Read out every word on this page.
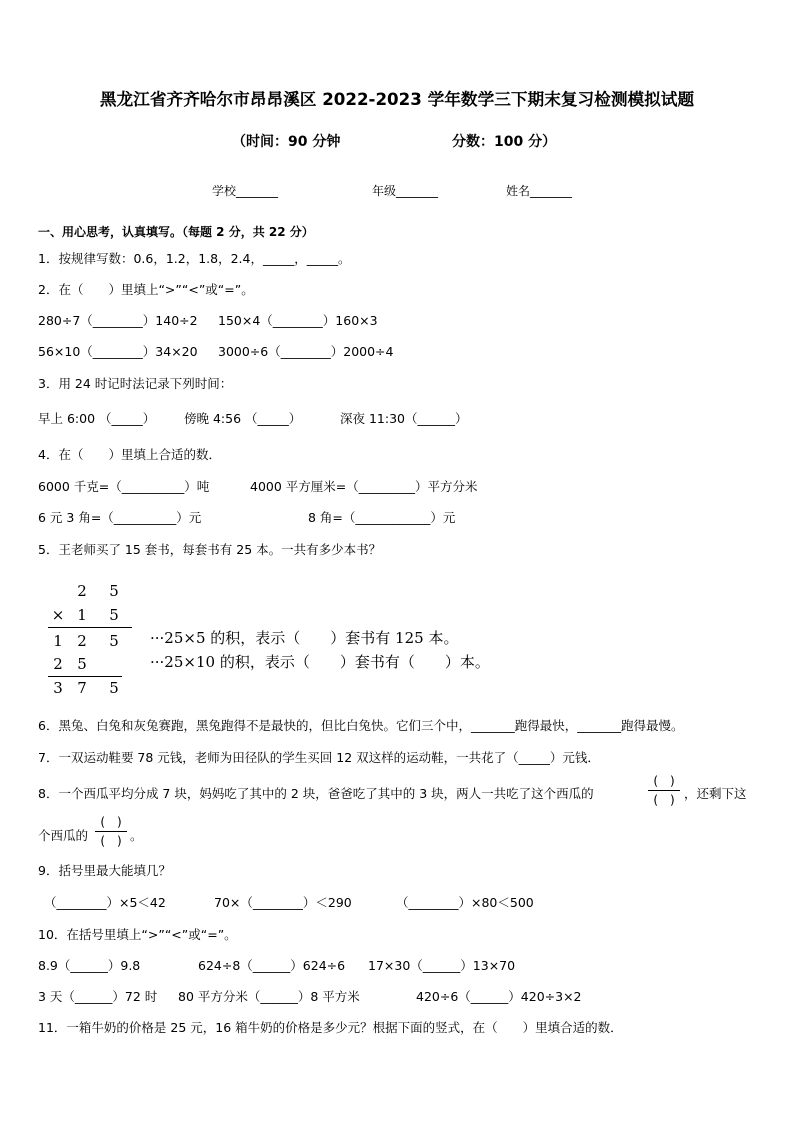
黑龙江省齐齐哈尔市昂昂溪区 2022-2023 学年数学三下期末复习检测模拟试题
（时间：90 分钟	分数：100 分）
学校_______	年级_______	姓名_______
一、用心思考，认真填写。（每题 2 分，共 22 分）
1．按规律写数：0.6，1.2，1.8，2.4，_____，_____。
2．在（　　）里填上“>”“<”或“=”。
280÷7（________）140÷2 150×4（________）160×3
56×10（________）34×20 3000÷6（________）2000÷4
3．用 24 时记时法记录下列时间：
早上 6:00 （_____） 傍晚 4:56 （_____）	深夜 11:30（______）
4．在（　　）里填上合适的数．
6000 千克=（__________）吨	4000 平方厘米=（_________）平方分米
6 元 3 角=（__________）元	8 角=（____________）元
5．王老师买了 15 套书，每套书有 25 本。一共有多少本书？
2 5
× 1 5
1 2 5
2 5
3 7 5
···25×5 的积，表示（　　）套书有 125 本。
···25×10 的积，表示（　　）套书有（　　）本。
6．黑兔、白兔和灰兔赛跑，黑兔跑得不是最快的，但比白兔快。它们三个中，_______跑得最快，_______跑得最慢。
7．一双运动鞋要 78 元钱，老师为田径队的学生买回 12 双这样的运动鞋，一共花了（_____）元钱．
8．一个西瓜平均分成 7 块，妈妈吃了其中的 2 块，爸爸吃了其中的 3 块，两人一共吃了这个西瓜的
(　)
(　) ，还剩下这
个西瓜的
(　)
(　) 。
9．括号里最大能填几？
（________）×5＜42	70×（________）＜290	（________）×80＜500
10．在括号里填上“>”“<”或“=”。
8.9（______）9.8	624÷8（______）624÷6 17×30（______）13×70
3 天（______）72 时 80 平方分米（______）8 平方米	420÷6（______）420÷3×2
11．一箱牛奶的价格是 25 元，16 箱牛奶的价格是多少元？根据下面的竖式，在（　　）里填合适的数．
